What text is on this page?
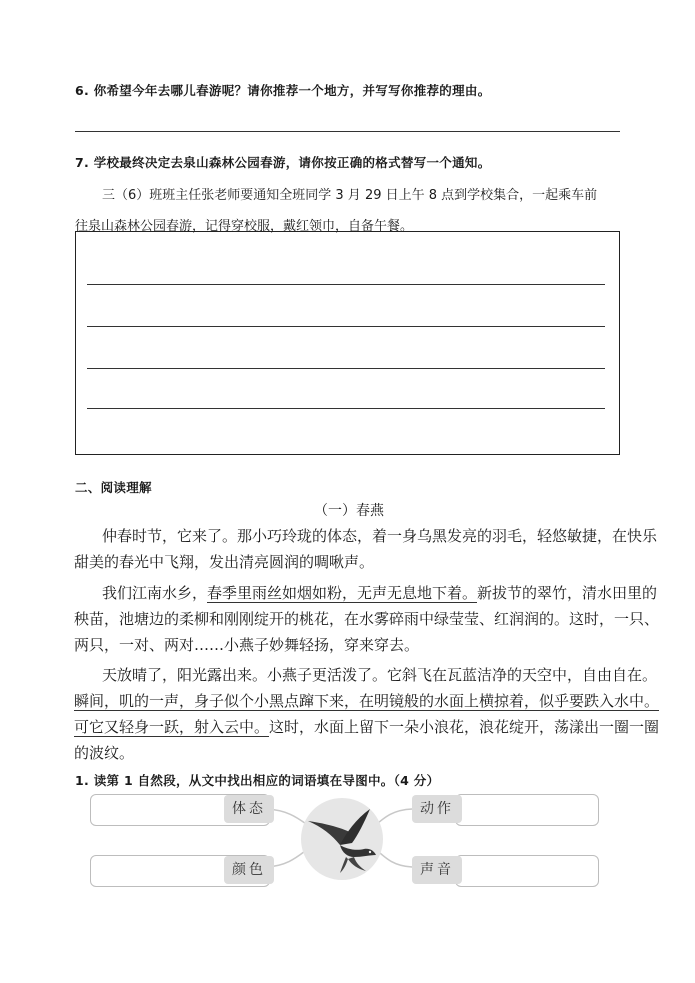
6. 你希望今年去哪儿春游呢？请你推荐一个地方，并写写你推荐的理由。
7. 学校最终决定去泉山森林公园春游，请你按正确的格式替写一个通知。
三（6）班班主任张老师要通知全班同学 3 月 29 日上午 8 点到学校集合，一起乘车前
往泉山森林公园春游，记得穿校服，戴红领巾，自备午餐。
二、阅读理解
（一）春燕
仲春时节，它来了。那小巧玲珑的体态，着一身乌黑发亮的羽毛，轻悠敏捷，在快乐
甜美的春光中飞翔，发出清亮圆润的啁啾声。
我们江南水乡，春季里雨丝如烟如粉，无声无息地下着。新拔节的翠竹，清水田里的
秧苗，池塘边的柔柳和刚刚绽开的桃花，在水雾碎雨中绿莹莹、红润润的。这时，一只、
两只，一对、两对……小燕子妙舞轻扬，穿来穿去。
天放晴了，阳光露出来。小燕子更活泼了。它斜飞在瓦蓝洁净的天空中，自由自在。
瞬间，叽的一声，身子似个小黑点蹿下来，在明镜般的水面上横掠着，似乎要跌入水中。
可它又轻身一跃，射入云中。这时，水面上留下一朵小浪花，浪花绽开，荡漾出一圈一圈
的波纹。
1. 读第 1 自然段，从文中找出相应的词语填在导图中。（4 分）
体态
颜色
动作
声音
